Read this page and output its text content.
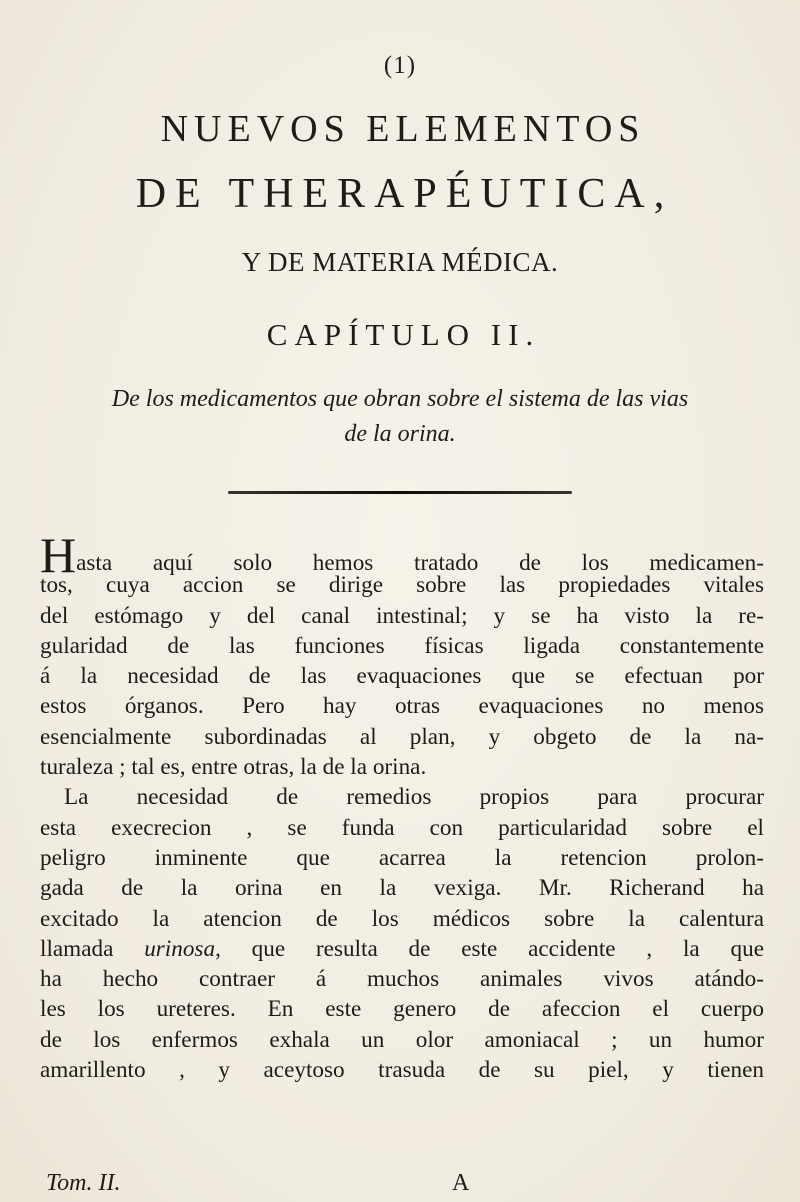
(1)
NUEVOS ELEMENTOS
DE THERAPÉUTICA,
Y DE MATERIA MÉDICA.
CAPÍTULO II.
De los medicamentos que obran sobre el sistema de las vias
de la orina.
Hasta aquí solo hemos tratado de los medicamen-
tos, cuya accion se dirige sobre las propiedades vitales
del estómago y del canal intestinal; y se ha visto la re-
gularidad de las funciones físicas ligada constantemente
á la necesidad de las evaquaciones que se efectuan por
estos órganos. Pero hay otras evaquaciones no menos
esencialmente subordinadas al plan, y obgeto de la na-
turaleza ; tal es, entre otras, la de la orina.
La necesidad de remedios propios para procurar
esta execrecion , se funda con particularidad sobre el
peligro inminente que acarrea la retencion prolon-
gada de la orina en la vexiga. Mr. Richerand ha
excitado la atencion de los médicos sobre la calentura
llamada urinosa, que resulta de este accidente , la que
ha hecho contraer á muchos animales vivos atándo-
les los ureteres. En este genero de afeccion el cuerpo
de los enfermos exhala un olor amoniacal ; un humor
amarillento , y aceytoso trasuda de su piel, y tienen
Tom. II.	A
